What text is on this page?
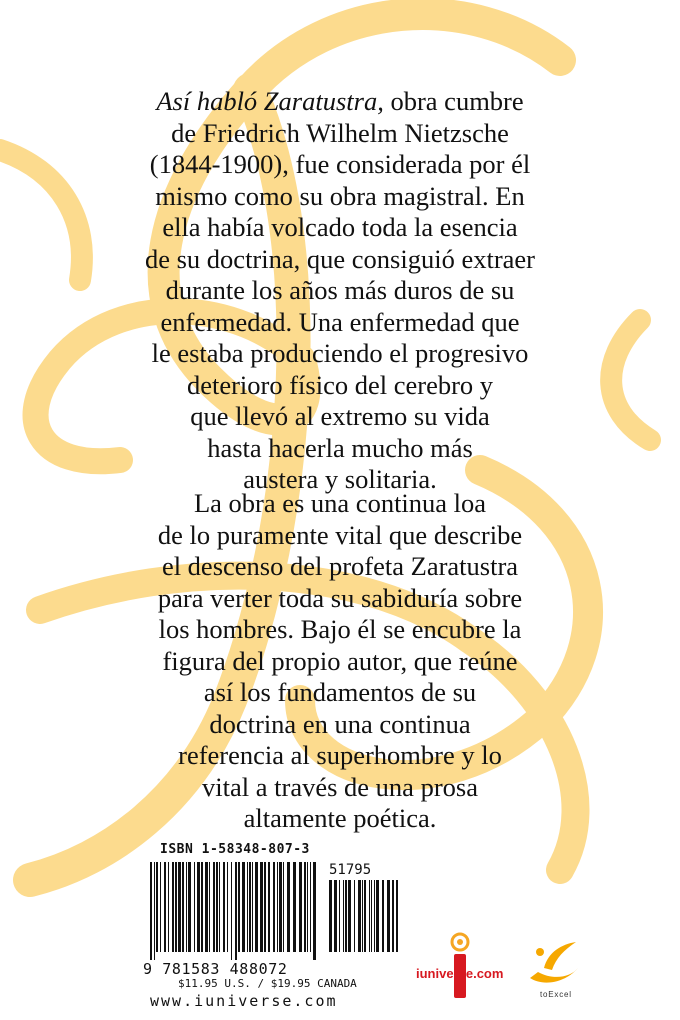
Así habló Zaratustra, obra cumbre
de Friedrich Wilhelm Nietzsche
(1844-1900), fue considerada por él
mismo como su obra magistral. En
ella había volcado toda la esencia
de su doctrina, que consiguió extraer
durante los años más duros de su
enfermedad. Una enfermedad que
le estaba produciendo el progresivo
deterioro físico del cerebro y
que llevó al extremo su vida
hasta hacerla mucho más
austera y solitaria.
La obra es una continua loa
de lo puramente vital que describe
el descenso del profeta Zaratustra
para verter toda su sabiduría sobre
los hombres. Bajo él se encubre la
figura del propio autor, que reúne
así los fundamentos de su
doctrina en una continua
referencia al superhombre y lo
vital a través de una prosa
altamente poética.
ISBN 1-58348-807-3
51795
9 781583 488072
$11.95 U.S. / $19.95 CANADA
www.iuniverse.com
iuniverse.com
toExcel
